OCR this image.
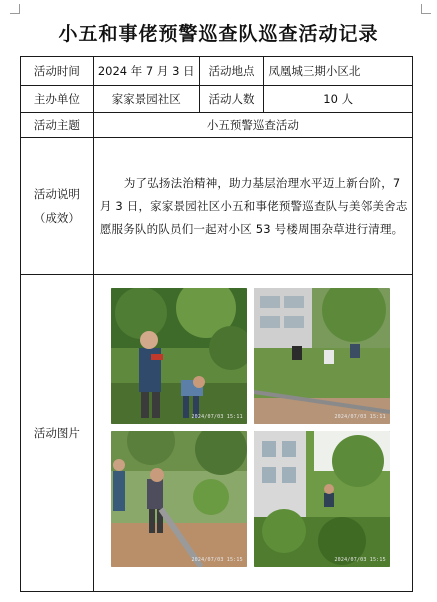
小五和事佬预警巡查队巡查活动记录
活动时间	2024 年 7 月 3 日	活动地点	凤凰城三期小区北
主办单位	家家景园社区	活动人数	10 人
活动主题	小五预警巡查活动		

活动说明
（成效）	为了弘扬法治精神，助力基层治理水平迈上新台阶，7 月 3 日，家家景园社区小五和事佬预警巡查队与美邻美舍志愿服务队的队员们一起对小区 53 号楼周围杂草进行清理。		
活动图片	2024/07/03 15:11 2024/07/03 15:11
2024/07/03 15:15 2024/07/03 15:15		
